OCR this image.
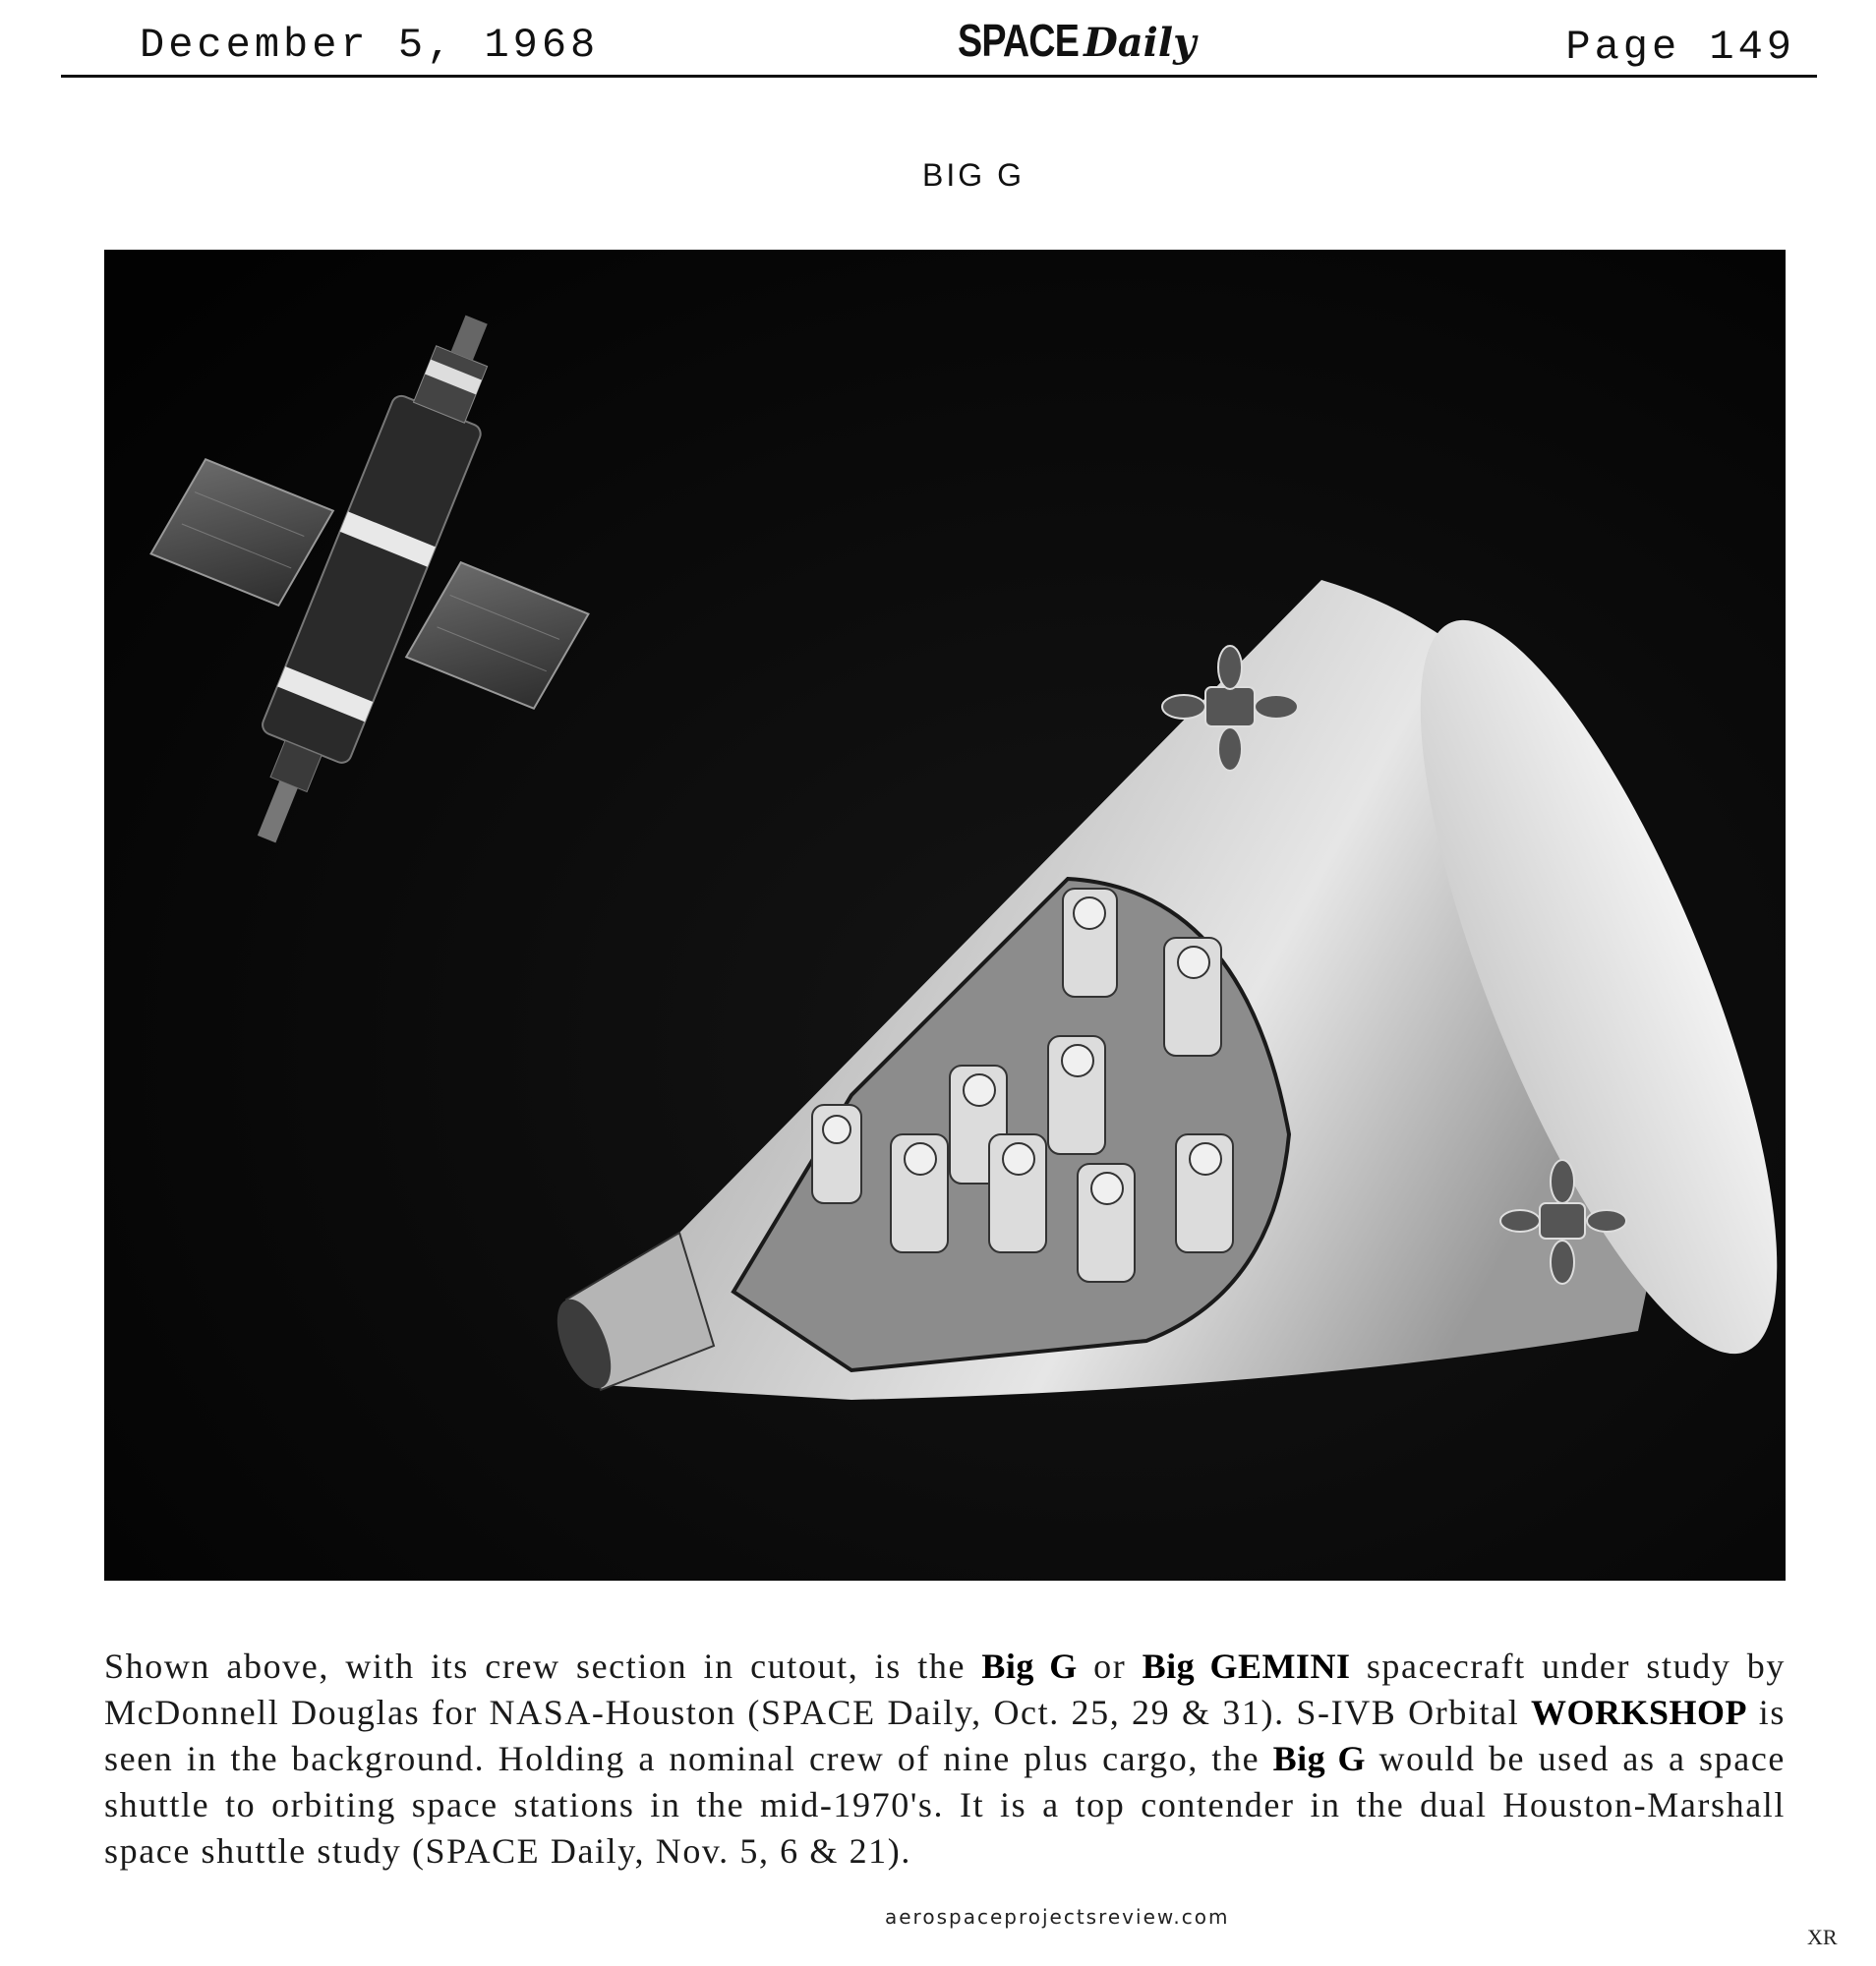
December 5, 1968	SPACE Daily	Page 149
BIG G
Shown above, with its crew section in cutout, is the Big G or Big GEMINI spacecraft under study by McDonnell Douglas for NASA-Houston (SPACE Daily, Oct. 25, 29 & 31). S-IVB Orbital WORKSHOP is seen in the background. Holding a nominal crew of nine plus cargo, the Big G would be used as a space shuttle to orbiting space stations in the mid-1970's. It is a top contender in the dual Houston-Marshall space shuttle study (SPACE Daily, Nov. 5, 6 & 21).
aerospaceprojectsreview.com
XR
